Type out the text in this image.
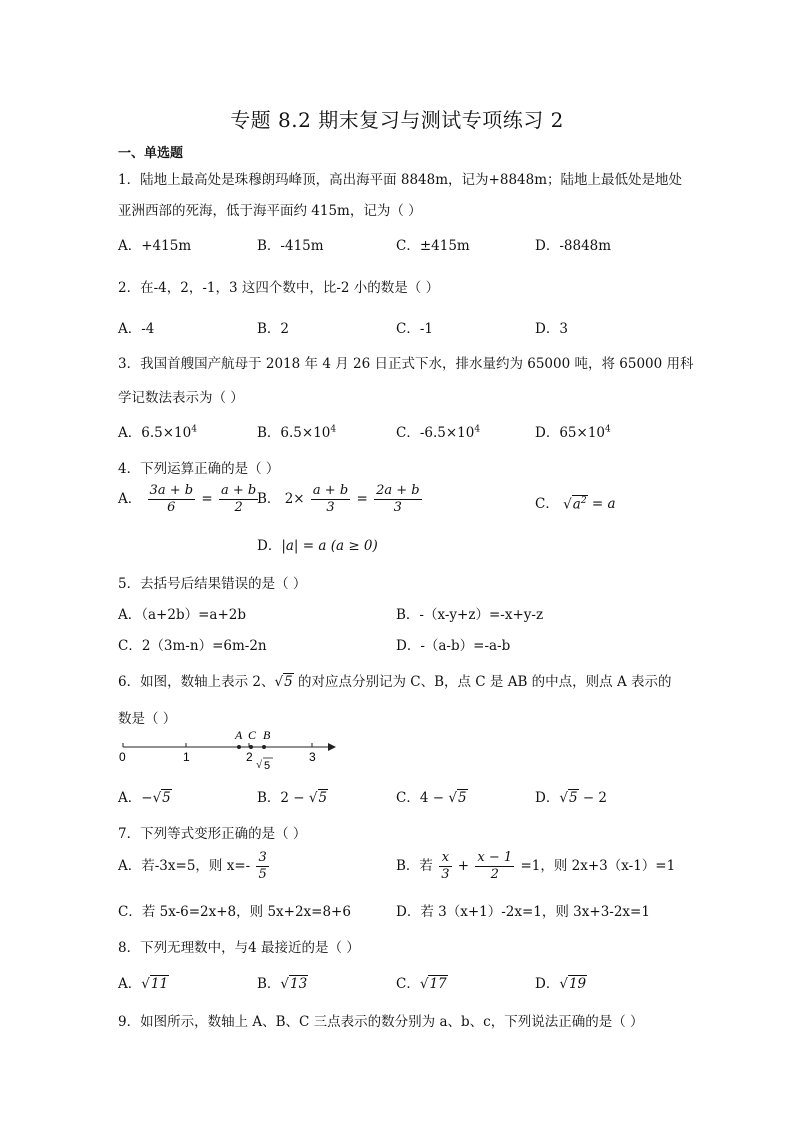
专题 8.2 期末复习与测试专项练习 2
一、单选题
1．陆地上最高处是珠穆朗玛峰顶，高出海平面 8848m，记为+8848m；陆地上最低处是地处
亚洲西部的死海，低于海平面约 415m，记为（ ）
A．+415m	B．-415m	C．±415m	D．-8848m
2．在-4，2，-1，3 这四个数中，比-2 小的数是（ ）
A．-4	B．2	C．-1	D．3
3．我国首艘国产航母于 2018 年 4 月 26 日正式下水，排水量约为 65000 吨，将 65000 用科
学记数法表示为（ ）
A．$6.5\times 10^4$	B．$6.5\times 10^4$	C．$-6.5\times 10^4$	D．$65\times 10^4$
4．下列运算正确的是（ ）
A． $\frac{3a + b}{6} = \frac{a + b}{2}$
B． $2\times \frac{a + b}{3} = \frac{2a + b}{3}$	C． $√a^2 = a$
D．|a| = a (a ≥ 0)
5．去括号后结果错误的是（ ）
A．（a+2b）=a+2b	B．-（x-y+z）=-x+y-z
C．2（3m-n）=6m-2n	D．-（a-b）=-a-b
6．如图，数轴上表示 2、√5 的对应点分别记为 C、B，点 C 是 AB 的中点，则点 A 表示的
数是（ ）
A C B
0	1	2	3
√ 5
A．−√5	B．2 − √5	C．4 − √5	D．√5 − 2
7．下列等式变形正确的是（ ）
A．若-3x=5，则 $x=- \frac{3}{5}$	B．若 $\frac{x}{3} + \frac{x - 1}{2} =1$，则 2x+3（x-1）=1
C．若 5x-6=2x+8，则 5x+2x=8+6	D．若 3（x+1）-2x=1，则 3x+3-2x=1
8．下列无理数中，与4 最接近的是（ ）
A．√11	B．√13	C．√17	D．√19
9．如图所示，数轴上 A、B、C 三点表示的数分别为 a、b、c，下列说法正确的是（ ）
